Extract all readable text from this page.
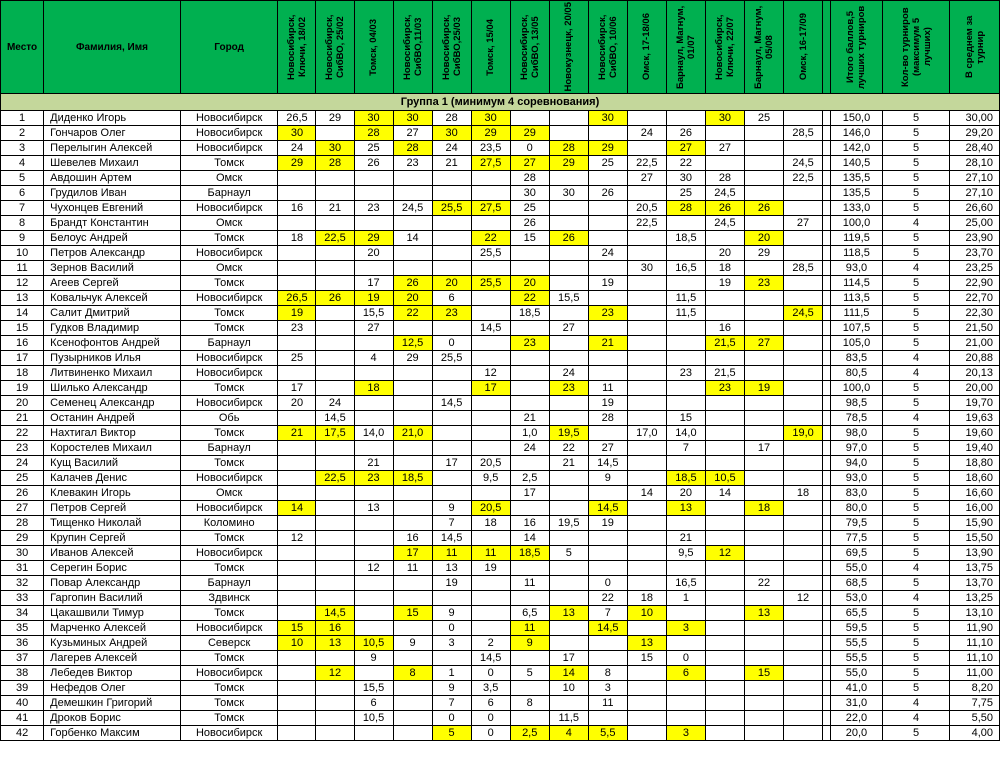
Место	Фамилия, Имя	Город	Новосибирск, Ключи, 18/02	Новосибирск, СибВО, 25/02	Томск, 04/03	Новосибирск, СибВО,11/03	Новосибирск, СибВО,25/03	Томск, 15/04	Новосибирск, СибВО, 13/05	Новокузнецк, 20/05	Новосибирск, СибВО, 10/06	Омск, 17-18/06	Барнаул, Магнум, 01/07	Новосибирск, Ключи, 22/07	Барнаул, Магнум, 05/08	Омск, 16-17/09		Итого баллов,5 лучших турниров	Кол-во турниров (максимум 5 лучших)	В среднем за турнир

Группа 1 (минимум 4 соревнования)																				
1	Диденко Игорь	Новосибирск	26,5	29	30	30	28	30			30			30	25			150,0	5	30,00
2	Гончаров Олег	Новосибирск	30		28	27	30	29	29			24	26			28,5		146,0	5	29,20
3	Перелыгин Алексей	Новосибирск	24	30	25	28	24	23,5	0	28	29		27	27				142,0	5	28,40
4	Шевелев Михаил	Томск	29	28	26	23	21	27,5	27	29	25	22,5	22			24,5		140,5	5	28,10
5	Авдошин Артем	Омск							28			27	30	28		22,5		135,5	5	27,10
6	Грудилов Иван	Барнаул							30	30	26		25	24,5				135,5	5	27,10
7	Чухонцев Евгений	Новосибирск	16	21	23	24,5	25,5	27,5	25			20,5	28	26	26			133,0	5	26,60
8	Брандт Константин	Омск							26			22,5		24,5		27		100,0	4	25,00
9	Белоус Андрей	Томск	18	22,5	29	14		22	15	26			18,5		20			119,5	5	23,90
10	Петров Александр	Новосибирск			20			25,5			24			20	29			118,5	5	23,70
11	Зернов Василий	Омск										30	16,5	18		28,5		93,0	4	23,25
12	Агеев Сергей	Томск			17	26	20	25,5	20		19			19	23			114,5	5	22,90
13	Ковальчук Алексей	Новосибирск	26,5	26	19	20	6		22	15,5			11,5					113,5	5	22,70
14	Салит Дмитрий	Томск	19		15,5	22	23		18,5		23		11,5			24,5		111,5	5	22,30
15	Гудков Владимир	Томск	23		27			14,5		27				16				107,5	5	21,50
16	Ксенофонтов Андрей	Барнаул				12,5	0		23		21			21,5	27			105,0	5	21,00
17	Пузырников Илья	Новосибирск	25		4	29	25,5											83,5	4	20,88
18	Литвиненко Михаил	Новосибирск						12		24			23	21,5				80,5	4	20,13
19	Шилько Александр	Томск	17		18			17		23	11			23	19			100,0	5	20,00
20	Семенец Александр	Новосибирск	20	24			14,5				19							98,5	5	19,70
21	Останин Андрей	Обь		14,5					21		28		15					78,5	4	19,63
22	Нахтигал Виктор	Томск	21	17,5	14,0	21,0			1,0	19,5		17,0	14,0			19,0		98,0	5	19,60
23	Коростелев Михаил	Барнаул							24	22	27		7		17			97,0	5	19,40
24	Кущ Василий	Томск			21		17	20,5		21	14,5							94,0	5	18,80
25	Калачев Денис	Новосибирск		22,5	23	18,5		9,5	2,5		9		18,5	10,5				93,0	5	18,60
26	Клевакин Игорь	Омск							17			14	20	14		18		83,0	5	16,60
27	Петров Сергей	Новосибирск	14		13		9	20,5			14,5		13		18			80,0	5	16,00
28	Тищенко Николай	Коломино					7	18	16	19,5	19							79,5	5	15,90
29	Крупин Сергей	Томск	12			16	14,5		14				21					77,5	5	15,50
30	Иванов Алексей	Новосибирск				17	11	11	18,5	5			9,5	12				69,5	5	13,90
31	Серегин Борис	Томск			12	11	13	19										55,0	4	13,75
32	Повар Александр	Барнаул					19		11		0		16,5		22			68,5	5	13,70
33	Гаргопин Василий	Здвинск									22	18	1			12		53,0	4	13,25
34	Цакашвили Тимур	Томск		14,5		15	9		6,5	13	7	10			13			65,5	5	13,10
35	Марченко Алексей	Новосибирск	15	16			0		11		14,5		3					59,5	5	11,90
36	Кузьминых Андрей	Северск	10	13	10,5	9	3	2	9			13						55,5	5	11,10
37	Лагерев Алексей	Томск			9			14,5		17		15	0					55,5	5	11,10
38	Лебедев Виктор	Новосибирск		12		8	1	0	5	14	8		6		15			55,0	5	11,00
39	Нефедов Олег	Томск			15,5		9	3,5		10	3							41,0	5	8,20
40	Демешкин Григорий	Томск			6		7	6	8		11							31,0	4	7,75
41	Дроков Борис	Томск			10,5		0	0		11,5								22,0	4	5,50
42	Горбенко Максим	Новосибирск					5	0	2,5	4	5,5		3					20,0	5	4,00
